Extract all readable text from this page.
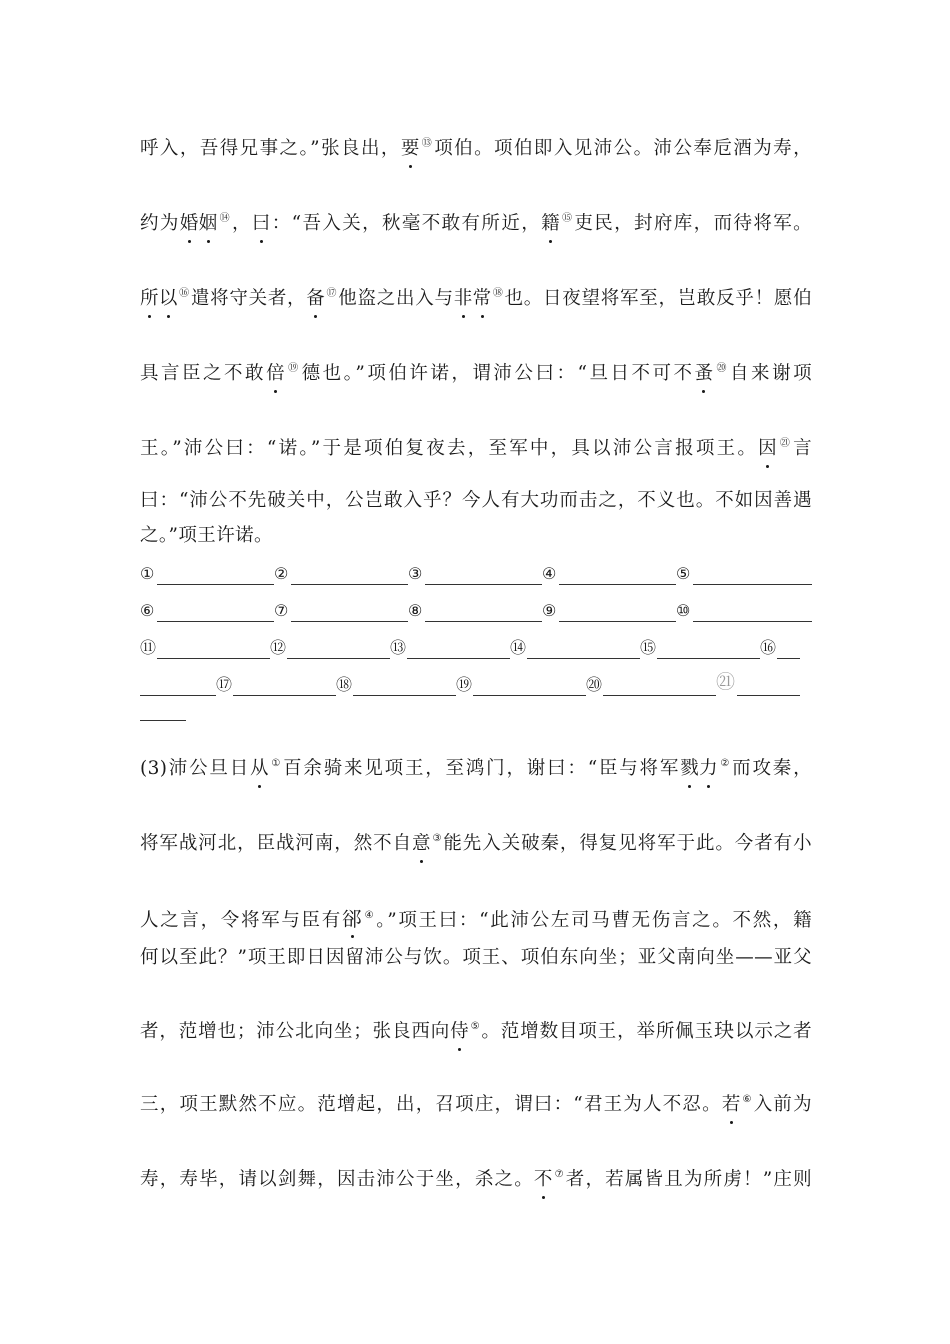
呼入，吾得兄事之。”张良出，要⑬项伯。项伯即入见沛公。沛公奉卮酒为寿，
约为婚姻⑭，曰：“吾入关，秋毫不敢有所近，籍⑮吏民，封府库，而待将军。
所以⑯遣将守关者，备⑰他盗之出入与非常⑱也。日夜望将军至，岂敢反乎！愿伯
具言臣之不敢倍⑲德也。”项伯许诺，谓沛公曰：“旦日不可不蚤⑳自来谢项
王。”沛公曰：“诺。”于是项伯复夜去，至军中，具以沛公言报项王。因$^㉑$言
曰：“沛公不先破关中，公岂敢入乎？今人有大功而击之，不义也。不如因善遇
之。”项王许诺。
①	②	③	④	⑤
⑥	⑦	⑧	⑨	⑩
⑪	⑫	⑬	⑭	⑮	⑯
⑰	⑱	⑲	⑳	㉑
(3)沛公旦日从①百余骑来见项王，至鸿门，谢曰：“臣与将军戮力②而攻秦，
将军战河北，臣战河南，然不自意③能先入关破秦，得复见将军于此。今者有小
人之言，令将军与臣有郤④。”项王曰：“此沛公左司马曹无伤言之。不然，籍
何以至此？”项王即日因留沛公与饮。项王、项伯东向坐；亚父南向坐——亚父
者，范增也；沛公北向坐；张良西向侍⑤。范增数目项王，举所佩玉玦以示之者
三，项王默然不应。范增起，出，召项庄，谓曰：“君王为人不忍。若⑥入前为
寿，寿毕，请以剑舞，因击沛公于坐，杀之。不⑦者，若属皆且为所虏！”庄则
